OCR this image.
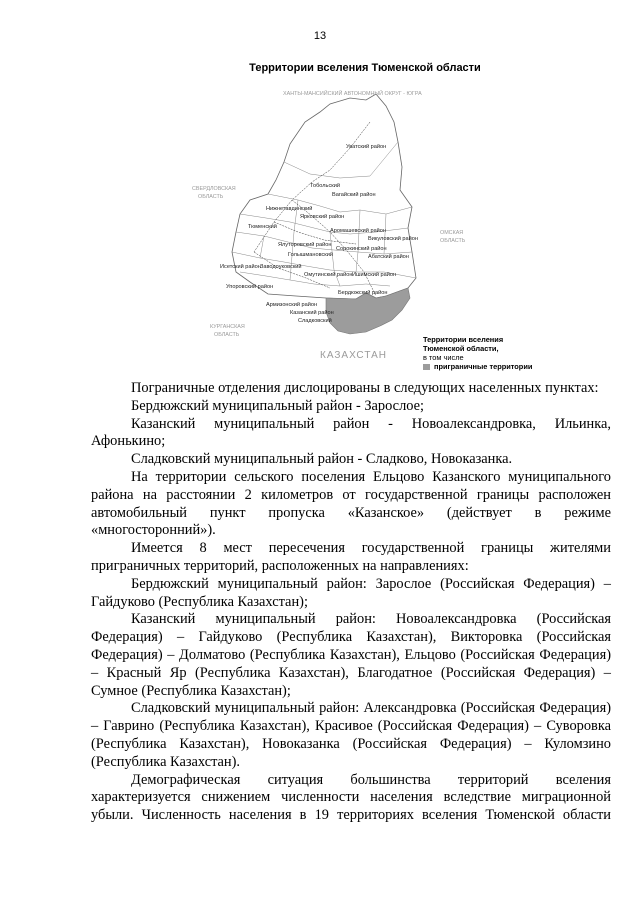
13
Территории вселения Тюменской области
ХАНТЫ-МАНСИЙСКИЙ АВТОНОМНЫЙ ОКРУГ - ЮГРА
СВЕРДЛОВСКАЯ
ОБЛАСТЬ
ОМСКАЯ
ОБЛАСТЬ
КУРГАНСКАЯ
ОБЛАСТЬ
КАЗАХСТАН
Уватский район
Тобольский
Вагайский район
Нижнетавдинский
Ярковский район
Тюменский
Аромашевский район
Викуловский район
Ялуторовский район
Голышмановский
Сорокинский район
Абатский район
Исетский район Заводоуковский
Омутинский район Ишимский район
Упоровский район
Бердюжский район
Армизонский район
Казанский район
Сладковский
Территории вселения
Тюменской области,
в том числе
приграничные территории

Пограничные отделения дислоцированы в следующих населенных пунктах:

Бердюжский муниципальный район - Зарослое;

Казанский муниципальный район - Новоалександровка, Ильинка, Афонькино;

Сладковский муниципальный район - Сладково, Новоказанка.

На территории сельского поселения Ельцово Казанского муниципального района на расстоянии 2 километров от государственной границы расположен автомобильный пункт пропуска «Казанское» (действует в режиме «многосторонний»).

Имеется 8 мест пересечения государственной границы жителями приграничных территорий, расположенных на направлениях:

Бердюжский муниципальный район: Зарослое (Российская Федерация) – Гайдуково (Республика Казахстан);

Казанский муниципальный район: Новоалександровка (Российская Федерация) – Гайдуково (Республика Казахстан), Викторовка (Российская Федерация) – Долматово (Республика Казахстан), Ельцово (Российская Федерация) – Красный Яр (Республика Казахстан), Благодатное (Российская Федерация) – Сумное (Республика Казахстан);

Сладковский муниципальный район: Александровка (Российская Федерация) – Гаврино (Республика Казахстан), Красивое (Российская Федерация) – Суворовка (Республика Казахстан), Новоказанка (Российская Федерация) – Куломзино (Республика Казахстан).

Демографическая ситуация большинства территорий вселения характеризуется снижением численности населения вследствие миграционной убыли. Численность населения в 19 территориях вселения Тюменской области
